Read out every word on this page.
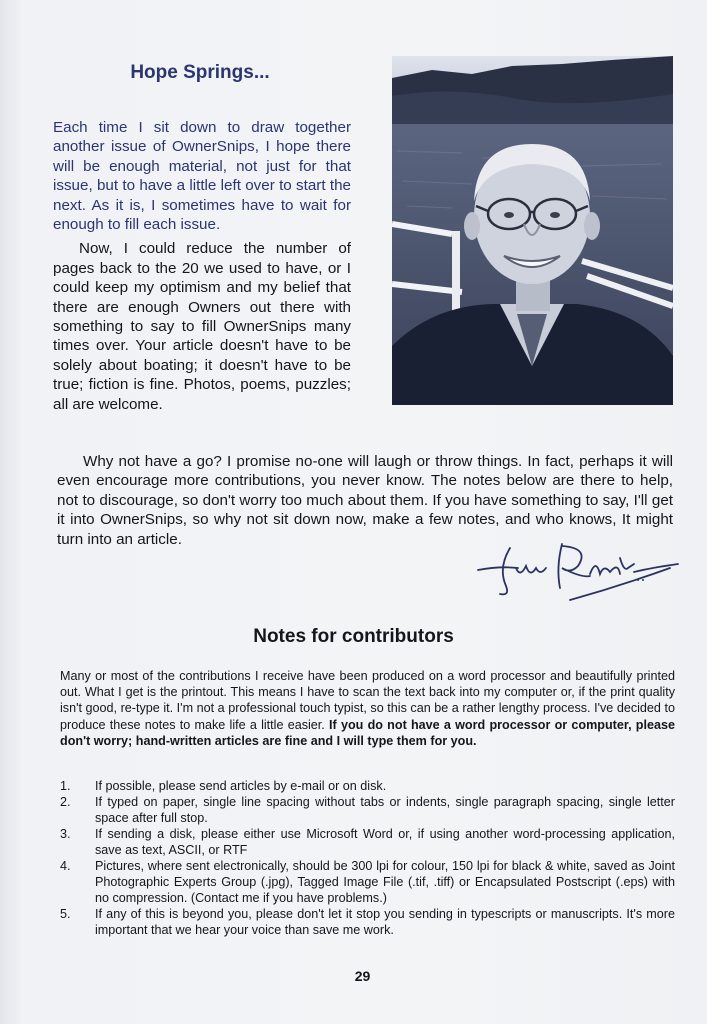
Hope Springs...

Each time I sit down to draw together another issue of OwnerSnips, I hope there will be enough material, not just for that issue, but to have a little left over to start the next. As it is, I sometimes have to wait for enough to fill each issue.

Now, I could reduce the number of pages back to the 20 we used to have, or I could keep my optimism and my belief that there are enough Owners out there with something to say to fill OwnerSnips many times over. Your article doesn't have to be solely about boating; it doesn't have to be true; fiction is fine. Photos, poems, puzzles; all are welcome.

Why not have a go? I promise no-one will laugh or throw things. In fact, perhaps it will even encourage more contributions, you never know. The notes below are there to help, not to discourage, so don't worry too much about them. If you have something to say, I'll get it into OwnerSnips, so why not sit down now, make a few notes, and who knows, It might turn into an article.

Notes for contributors

Many or most of the contributions I receive have been produced on a word processor and beautifully printed out. What I get is the printout. This means I have to scan the text back into my computer or, if the print quality isn't good, re-type it. I'm not a professional touch typist, so this can be a rather lengthy process. I've decided to produce these notes to make life a little easier. If you do not have a word processor or computer, please don't worry; hand-written articles are fine and I will type them for you.

1.	If possible, please send articles by e-mail or on disk.
2.	If typed on paper, single line spacing without tabs or indents, single paragraph spacing, single letter space after full stop.
3.	If sending a disk, please either use Microsoft Word or, if using another word-processing application, save as text, ASCII, or RTF
4.	Pictures, where sent electronically, should be 300 lpi for colour, 150 lpi for black & white, saved as Joint Photographic Experts Group (.jpg), Tagged Image File (.tif, .tiff) or Encapsulated Postscript (.eps) with no compression. (Contact me if you have problems.)
5.	If any of this is beyond you, please don't let it stop you sending in typescripts or manuscripts. It's more important that we hear your voice than save me work.
29
